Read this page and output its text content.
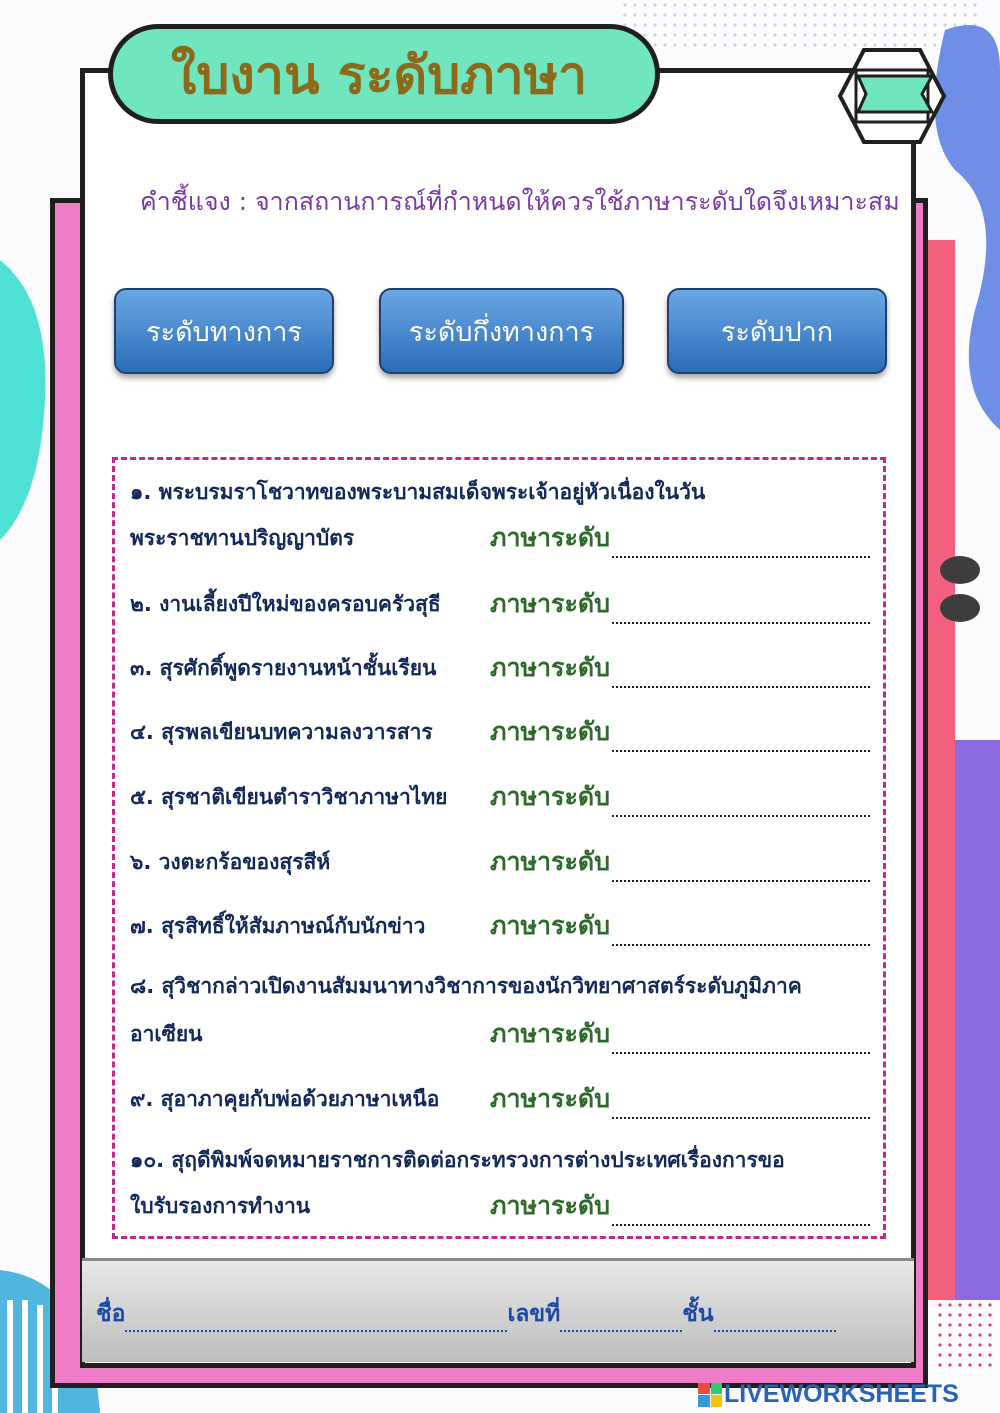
ใบงาน ระดับภาษา
คำชี้แจง : จากสถานการณ์ที่กำหนดให้ควรใช้ภาษาระดับใดจึงเหมาะสม
ระดับทางการ	ระดับกึ่งทางการ	ระดับปาก
๑. พระบรมราโชวาทของพระบามสมเด็จพระเจ้าอยู่หัวเนื่องในวัน
พระราชทานปริญญาบัตร	ภาษาระดับ
๒. งานเลี้ยงปีใหม่ของครอบครัวสุธี ภาษาระดับ
๓. สุรศักดิ์พูดรายงานหน้าชั้นเรียน ภาษาระดับ
๔. สุรพลเขียนบทความลงวารสาร ภาษาระดับ
๕. สุรชาติเขียนตำราวิชาภาษาไทย ภาษาระดับ
๖. วงตะกร้อของสุรสีห์	ภาษาระดับ
๗. สุรสิทธิ์ให้สัมภาษณ์กับนักข่าว	ภาษาระดับ
๘. สุวิชากล่าวเปิดงานสัมมนาทางวิชาการของนักวิทยาศาสตร์ระดับภูมิภาค
อาเซียน	ภาษาระดับ
๙. สุอาภาคุยกับพ่อด้วยภาษาเหนือ ภาษาระดับ
๑๐. สุฤดีพิมพ์จดหมายราชการติดต่อกระทรวงการต่างประเทศเรื่องการขอ
ใบรับรองการทำงาน	ภาษาระดับ
ชื่อ	เลขที่	ชั้น
LIVEWORKSHEETS
